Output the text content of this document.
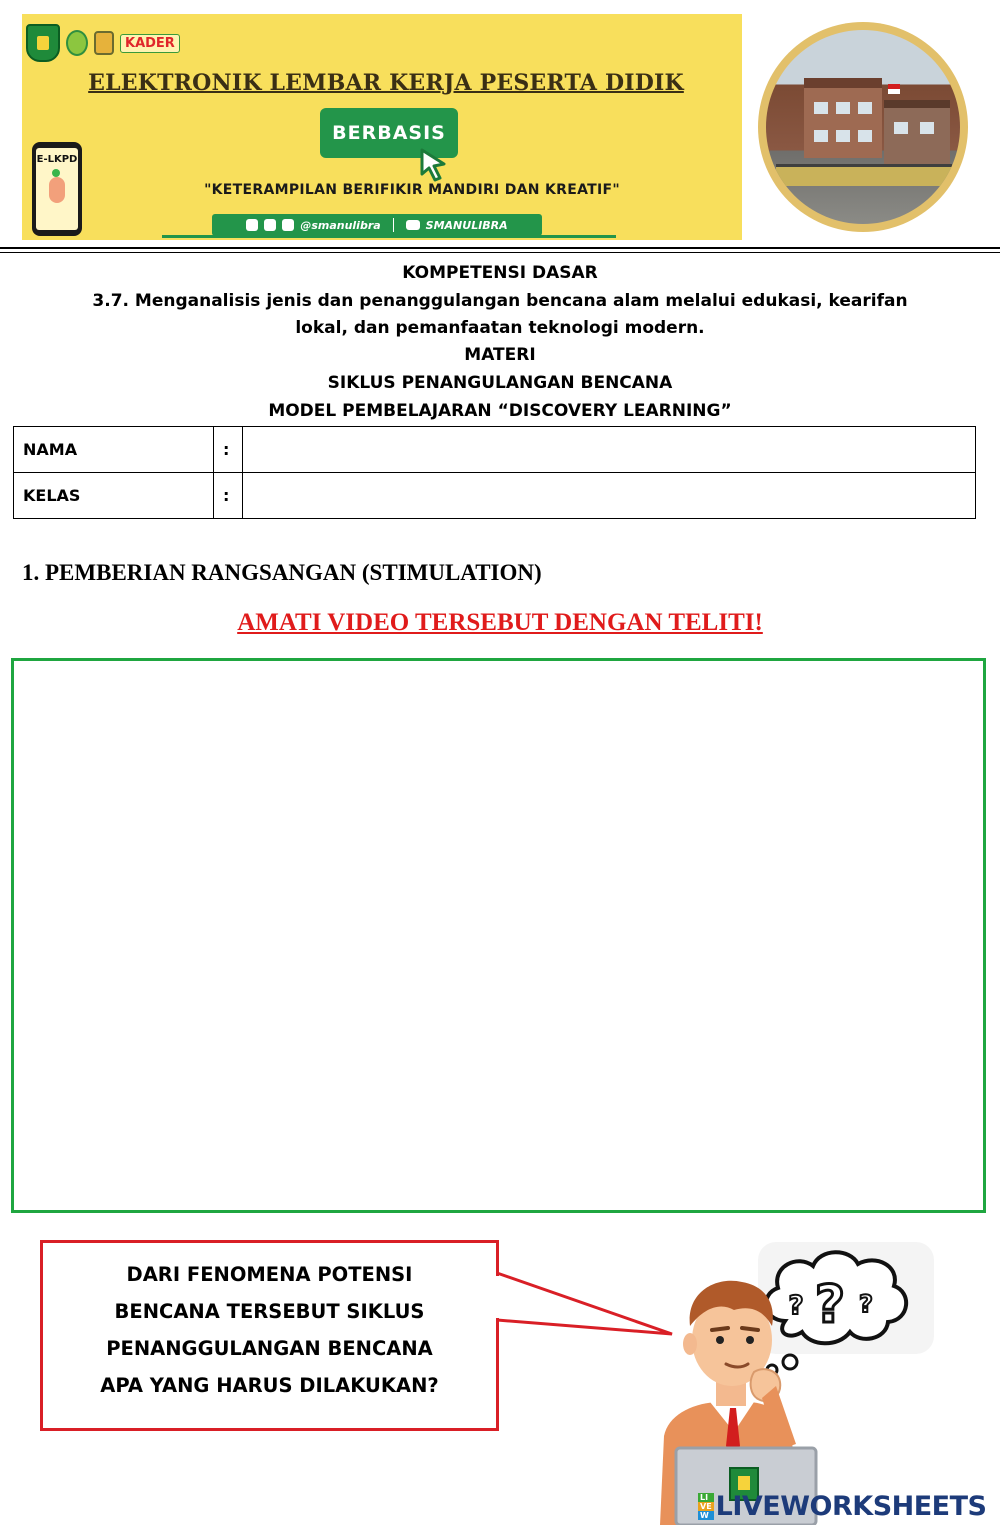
KADER
ELEKTRONIK LEMBAR KERJA PESERTA DIDIK
BERBASIS
E-LKPD
"KETERAMPILAN BERIFIKIR MANDIRI DAN KREATIF"
@smanulibra	SMANULIBRA
KOMPETENSI DASAR
3.7. Menganalisis jenis dan penanggulangan bencana alam melalui edukasi, kearifan
lokal, dan pemanfaatan teknologi modern.
MATERI
SIKLUS PENANGULANGAN BENCANA
MODEL PEMBELAJARAN “DISCOVERY LEARNING”
NAMA	:	
KELAS	:	
1. PEMBERIAN RANGSANGAN (STIMULATION)
AMATI VIDEO TERSEBUT DENGAN TELITI!
DARI FENOMENA POTENSI
BENCANA TERSEBUT SIKLUS
PENANGGULANGAN BENCANA
APA YANG HARUS DILAKUKAN?
?
? ?
LI
VE
W LIVEWORKSHEETS
